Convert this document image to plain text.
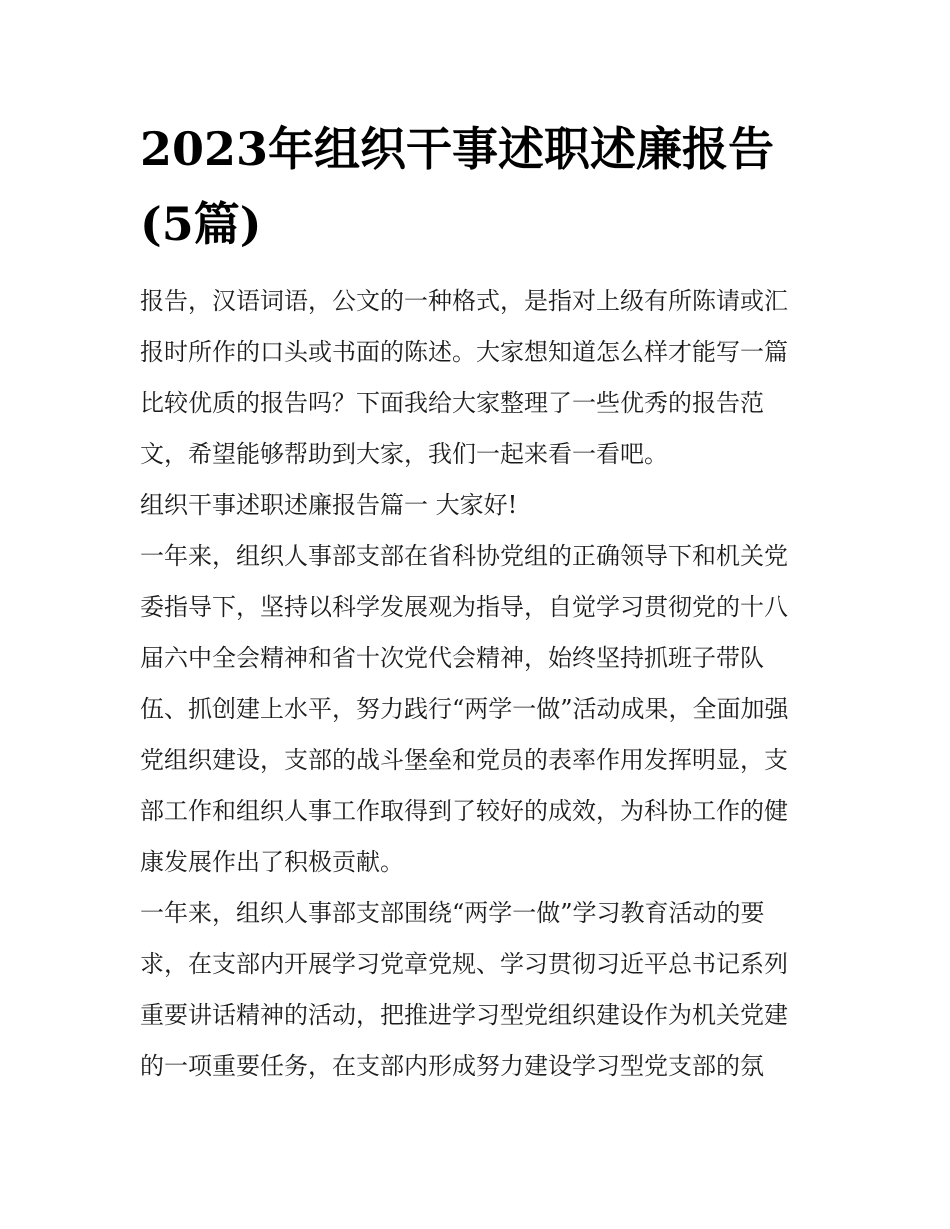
2023年组织干事述职述廉报告
(5篇)
报告，汉语词语，公文的一种格式，是指对上级有所陈请或汇
报时所作的口头或书面的陈述。大家想知道怎么样才能写一篇
比较优质的报告吗？下面我给大家整理了一些优秀的报告范
文，希望能够帮助到大家，我们一起来看一看吧。
组织干事述职述廉报告篇一 大家好!
一年来，组织人事部支部在省科协党组的正确领导下和机关党
委指导下，坚持以科学发展观为指导，自觉学习贯彻党的十八
届六中全会精神和省十次党代会精神，始终坚持抓班子带队
伍、抓创建上水平，努力践行“两学一做”活动成果，全面加强
党组织建设，支部的战斗堡垒和党员的表率作用发挥明显，支
部工作和组织人事工作取得到了较好的成效，为科协工作的健
康发展作出了积极贡献。
一年来，组织人事部支部围绕“两学一做”学习教育活动的要
求，在支部内开展学习党章党规、学习贯彻习近平总书记系列
重要讲话精神的活动，把推进学习型党组织建设作为机关党建
的一项重要任务，在支部内形成努力建设学习型党支部的氛
